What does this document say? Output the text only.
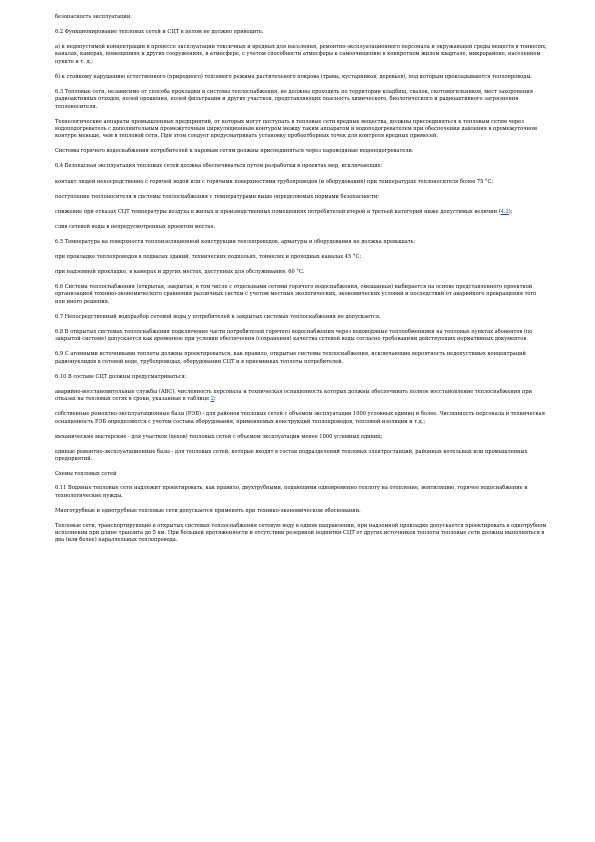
безопасность эксплуатации.
6.2 Функционирование тепловых сетей и СЦТ в целом не должно приводить:
а) к недопустимой концентрации в процессе эксплуатации токсичных и вредных для населения, ремонтно-эксплуатационного персонала и окружающей среды веществ в тоннелях, каналах, камерах, помещениях и других сооружениях, в атмосфере, с учетом способности атмосферы к самоочищению в конкретном жилом квартале, микрорайоне, населенном пункте и т. д.;
б) к стойкому нарушению естественного (природного) теплового режима растительного покрова (травы, кустарников, деревьев), под которым прокладываются теплопроводы.
6.3 Тепловые сети, независимо от способа прокладки и системы теплоснабжения, не должны проходить по территории кладбищ, свалок, скотомогильников, мест захоронения радиоактивных отходов, полей орошения, полей фильтрации и других участков, представляющих опасность химического, биологического и радиоактивного загрязнения теплоносителя.
Технологические аппараты промышленных предприятий, от которых могут поступать в тепловые сети вредные вещества, должны присоединяться к тепловым сетям через водоподогреватель с дополнительным промежуточным циркуляционным контуром между таким аппаратом и водоподогревателем при обеспечении давления в промежуточном контуре меньше, чем в тепловой сети. При этом следует предусматривать установку пробоотборных точек для контроля вредных примесей.
Системы горячего водоснабжения потребителей к паровым сетям должны присоединяться через пароводяные водоподогреватели.
6.4 Безопасная эксплуатация тепловых сетей должна обеспечиваться путем разработки в проектах мер, исключающих:
контакт людей непосредственно с горячей водой или с горячими поверхностями трубопроводов (и оборудования) при температурах теплоносителя более 75 °С;
поступление теплоносителя в системы теплоснабжения с температурами выше определяемых нормами безопасности;
снижение при отказах СЦТ температуры воздуха в жилых и производственных помещениях потребителей второй и третьей категорий ниже допустимых величин (4.2);
слив сетевой воды в непредусмотренных проектом местах.
6.5 Температура на поверхности теплоизоляционной конструкции теплопроводов, арматуры и оборудования не должна превышать:
при прокладке теплопроводов в подвалах зданий, технических подпольях, тоннелях и проходных каналах 45 °С;
при надземной прокладке, в камерах и других местах, доступных для обслуживания, 60 °С.
6.6 Система теплоснабжения (открытая, закрытая, в том числе с отдельными сетями горячего водоснабжения, смешанная) выбирается на основе представленного проектной организацией технико-экономического сравнения различных систем с учетом местных экологических, экономических условий и последствий от аварийного прекращения того или иного решения.
6.7 Непосредственный водоразбор сетевой воды у потребителей в закрытых системах теплоснабжения не допускается.
6.8 В открытых системах теплоснабжения подключение части потребителей горячего водоснабжения через водоводяные теплообменники на тепловых пунктах абонентов (по закрытой системе) допускается как временное при условии обеспечения (сохранения) качества сетевой воды согласно требованиям действующих нормативных документов.
6.9 С атомными источниками теплоты должны проектироваться, как правило, открытые системы теплоснабжения, исключающие вероятность недопустимых концентраций радионуклидов в сетевой воде, трубопроводах, оборудовании СЦТ и в приемниках теплоты потребителей.
6.10 В составе СЦТ должны предусматриваться:
аварийно-восстановительные службы (АВС), численность персонала и техническая оснащенность которых должны обеспечивать полное восстановление теплоснабжения при отказах на тепловых сетях в сроки, указанные в таблице 2;
собственные ремонтно-эксплуатационные базы (РЭБ) - для районов тепловых сетей с объемом эксплуатации 1000 условных единиц и более. Численность персонала и техническая оснащенность РЭБ определяются с учетом состава оборудования, применяемых конструкций теплопроводов, тепловой изоляции и т.д.;
механические мастерские - для участков (цехов) тепловых сетей с объемом эксплуатации менее 1000 условных единиц;
единые ремонтно-эксплуатационные базы - для тепловых сетей, которые входят в состав подразделений тепловых электростанций, районных котельных или промышленных предприятий.
Схемы тепловых сетей
6.11 Водяные тепловые сети надлежит проектировать, как правило, двухтрубными, подающими одновременно теплоту на отопление, вентиляцию, горячее водоснабжение и технологические нужды.
Многотрубные и однотрубные тепловые сети допускается применять при технико-экономическом обосновании.
Тепловые сети, транспортирующие в открытых системах теплоснабжения сетевую воду в одном направлении, при надземной прокладке допускается проектировать в однотрубном исполнении при длине транзита до 5 км. При большей протяженности и отсутствии резервной подпитки СЦТ от других источников теплоты тепловые сети должны выполняться в два (или более) параллельных теплопровода.
